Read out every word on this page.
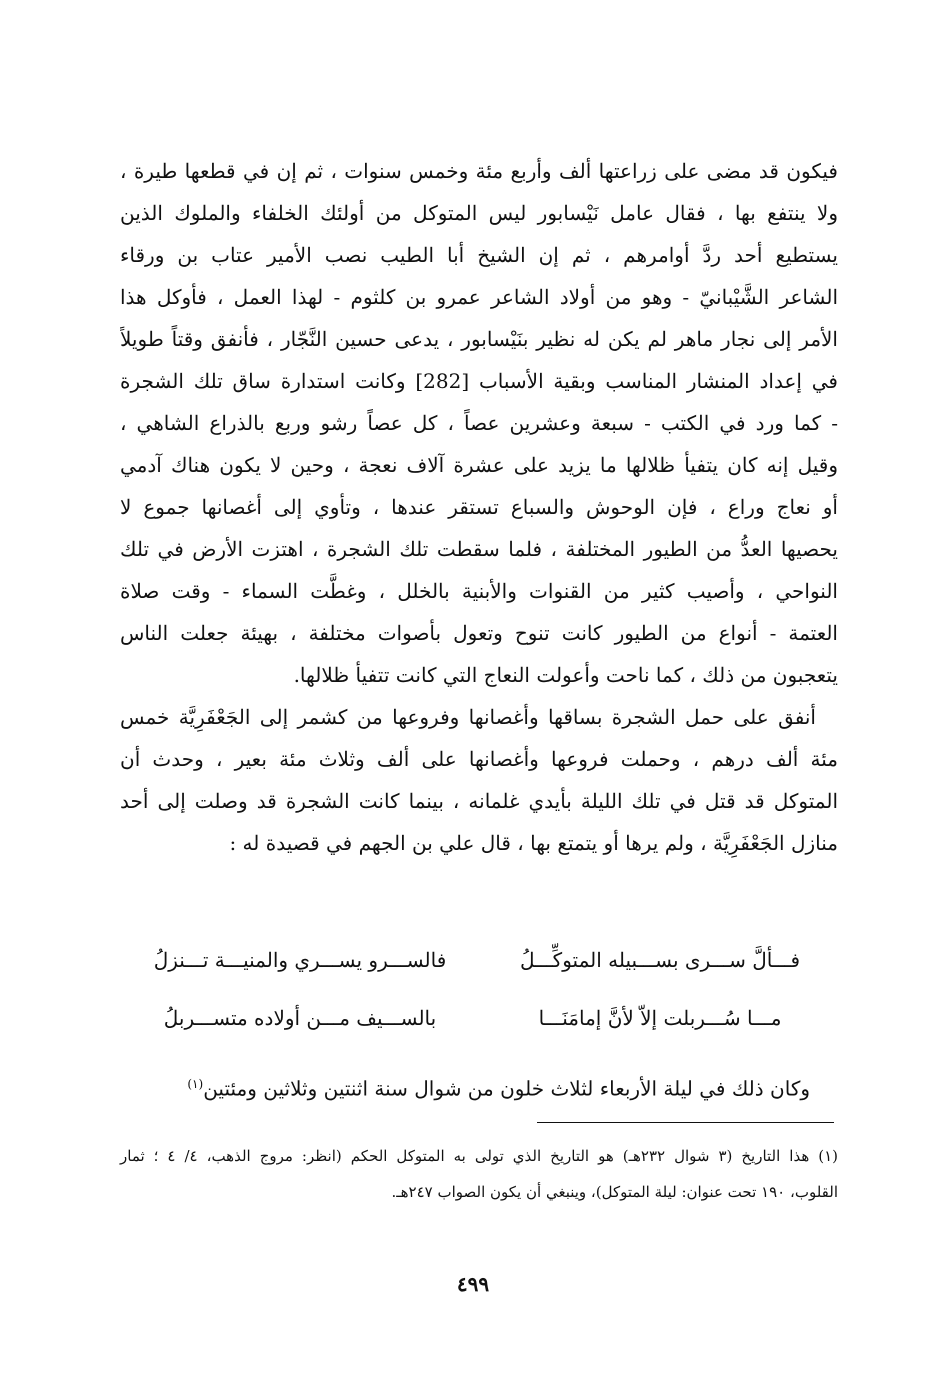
فيكون قد مضى على زراعتها ألف وأربع مئة وخمس سنوات ، ثم إن في قطعها طيرة ،
ولا ينتفع بها ، فقال عامل نَيْسابور ليس المتوكل من أولئك الخلفاء والملوك الذين
يستطيع أحد ردَّ أوامرهم ، ثم إن الشيخ أبا الطيب نصب الأمير عتاب بن ورقاء
الشاعر الشَّيْبانيّ - وهو من أولاد الشاعر عمرو بن كلثوم - لهذا العمل ، فأوكل هذا
الأمر إلى نجار ماهر لم يكن له نظير بنَيْسابور ، يدعى حسين النَّجّار ، فأنفق وقتاً طويلاً
في إعداد المنشار المناسب وبقية الأسباب [282] وكانت استدارة ساق تلك الشجرة
- كما ورد في الكتب - سبعة وعشرين عصاً ، كل عصاً رشو وربع بالذراع الشاهي ،
وقيل إنه كان يتفيأ ظلالها ما يزيد على عشرة آلاف نعجة ، وحين لا يكون هناك آدمي
أو نعاج وراع ، فإن الوحوش والسباع تستقر عندها ، وتأوي إلى أغصانها جموع لا
يحصيها العدُّ من الطيور المختلفة ، فلما سقطت تلك الشجرة ، اهتزت الأرض في تلك
النواحي ، وأصيب كثير من القنوات والأبنية بالخلل ، وغطَّت السماء - وقت صلاة
العتمة - أنواع من الطيور كانت تنوح وتعول بأصوات مختلفة ، بهيئة جعلت الناس
يتعجبون من ذلك ، كما ناحت وأعولت النعاج التي كانت تتفيأ ظلالها.
أنفق على حمل الشجرة بساقها وأغصانها وفروعها من كشمر إلى الجَعْفَرِيَّة خمس
مئة ألف درهم ، وحملت فروعها وأغصانها على ألف وثلاث مئة بعير ، وحدث أن
المتوكل قد قتل في تلك الليلة بأيدي غلمانه ، بينما كانت الشجرة قد وصلت إلى أحد
منازل الجَعْفَرِيَّة ، ولم يرها أو يتمتع بها ، قال علي بن الجهم في قصيدة له :
فـــألَّ ســـرى بســـبيله المتوكِّـــلُ
فالســـرو يســـري والمنيـــة تـــنزلُ
مـــا سُـــربلت إلاّ لأنَّ إمامَنَـــا
بالســـيف مـــن أولاده متســـربلُ
وكان ذلك في ليلة الأربعاء لثلاث خلون من شوال سنة اثنتين وثلاثين ومئتين$^{(١)}$
(١) هذا التاريخ (٣ شوال ٢٣٢هـ) هو التاريخ الذي تولى به المتوكل الحكم (انظر: مروج الذهب، ٤/ ٤ ؛ ثمار
القلوب، ١٩٠ تحت عنوان: ليلة المتوكل)، وينبغي أن يكون الصواب ٢٤٧هـ.
٤٩٩
